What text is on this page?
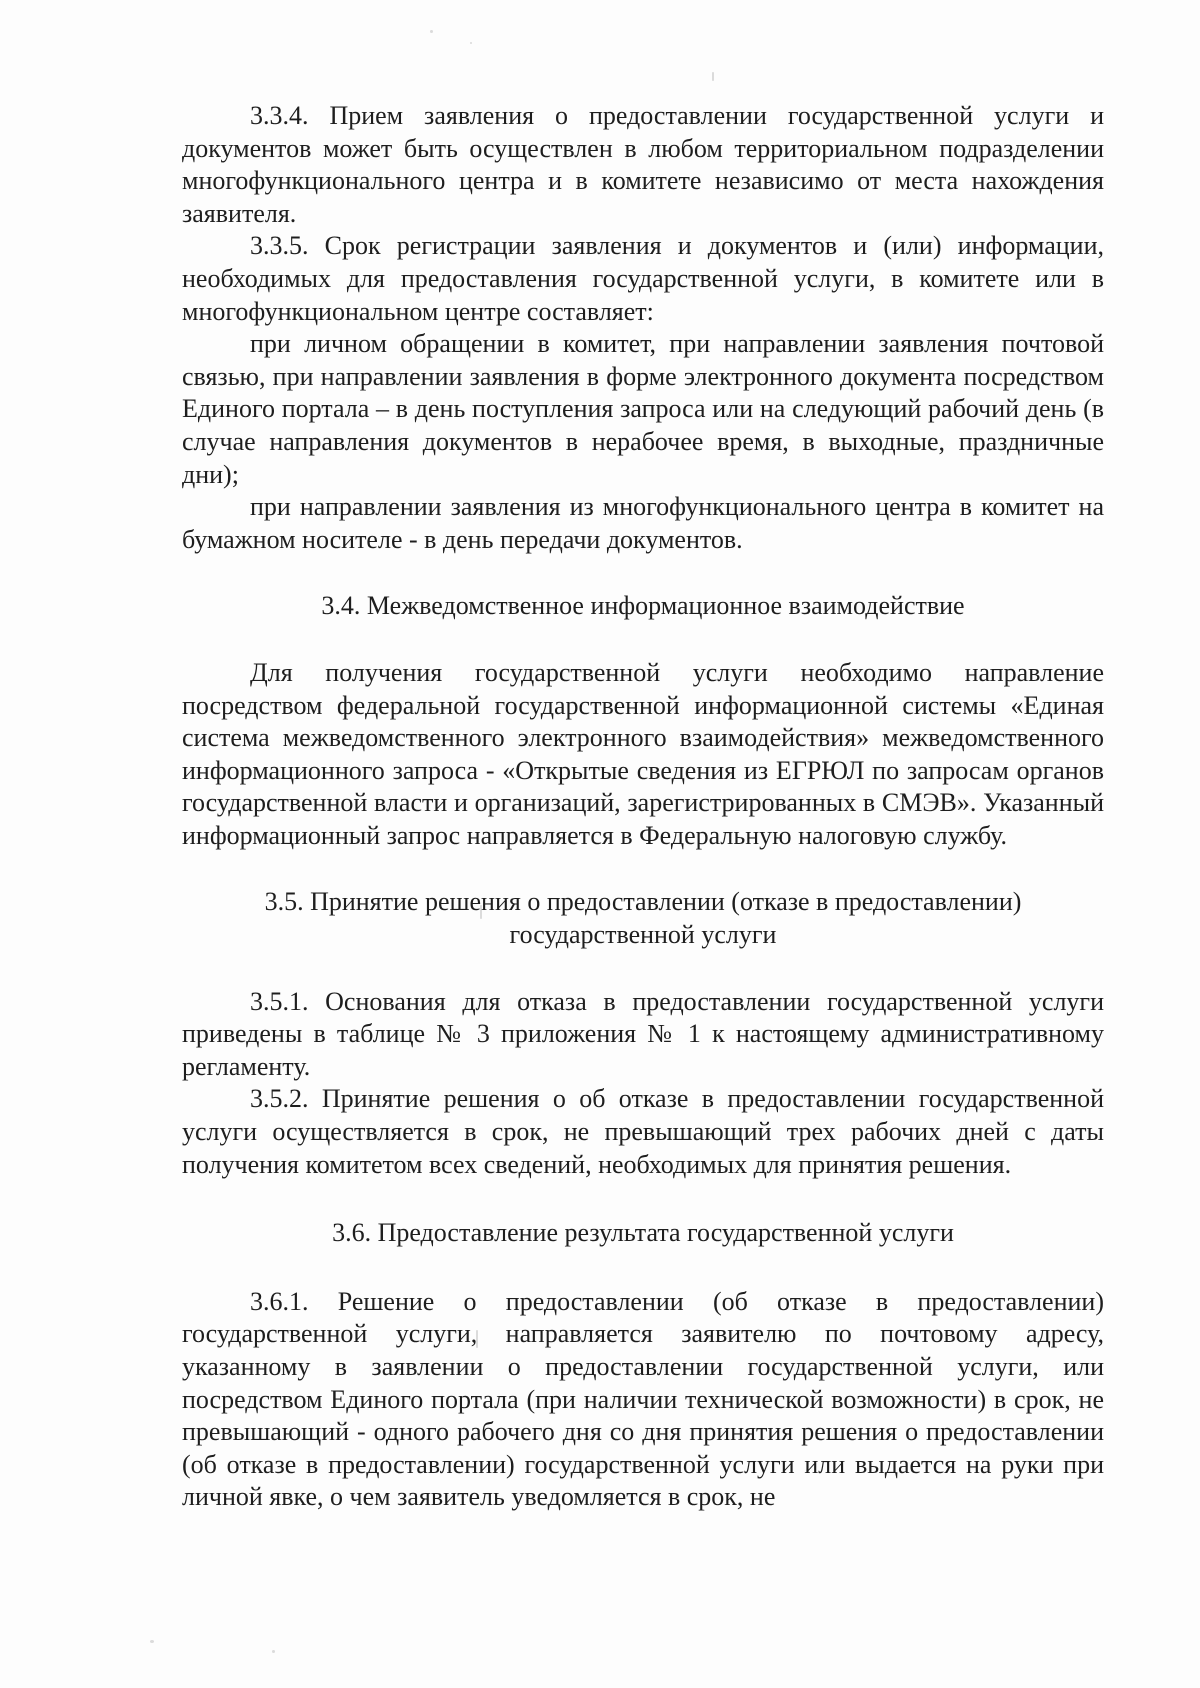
3.3.4. Прием заявления о предоставлении государственной услуги и документов может быть осуществлен в любом территориальном подразделении многофункционального центра и в комитете независимо от места нахождения заявителя.

3.3.5. Срок регистрации заявления и документов и (или) информации, необходимых для предоставления государственной услуги, в комитете или в многофункциональном центре составляет:

при личном обращении в комитет, при направлении заявления почтовой связью, при направлении заявления в форме электронного документа посредством Единого портала – в день поступления запроса или на следующий рабочий день (в случае направления документов в нерабочее время, в выходные, праздничные дни);

при направлении заявления из многофункционального центра в комитет на бумажном носителе - в день передачи документов.

3.4. Межведомственное информационное взаимодействие

Для получения государственной услуги необходимо направление посредством федеральной государственной информационной системы «Единая система межведомственного электронного взаимодействия» межведомственного информационного запроса - «Открытые сведения из ЕГРЮЛ по запросам органов государственной власти и организаций, зарегистрированных в СМЭВ». Указанный информационный запрос направляется в Федеральную налоговую службу.

3.5. Принятие решения о предоставлении (отказе в предоставлении)

государственной услуги

3.5.1. Основания для отказа в предоставлении государственной услуги приведены в таблице № 3 приложения № 1 к настоящему административному регламенту.

3.5.2. Принятие решения о об отказе в предоставлении государственной услуги осуществляется в срок, не превышающий трех рабочих дней с даты получения комитетом всех сведений, необходимых для принятия решения.

3.6. Предоставление результата государственной услуги

3.6.1. Решение о предоставлении (об отказе в предоставлении) государственной услуги, направляется заявителю по почтовому адресу, указанному в заявлении о предоставлении государственной услуги, или посредством Единого портала (при наличии технической возможности) в срок, не превышающий - одного рабочего дня со дня принятия решения о предоставлении (об отказе в предоставлении) государственной услуги или выдается на руки при личной явке, о чем заявитель уведомляется в срок, не
